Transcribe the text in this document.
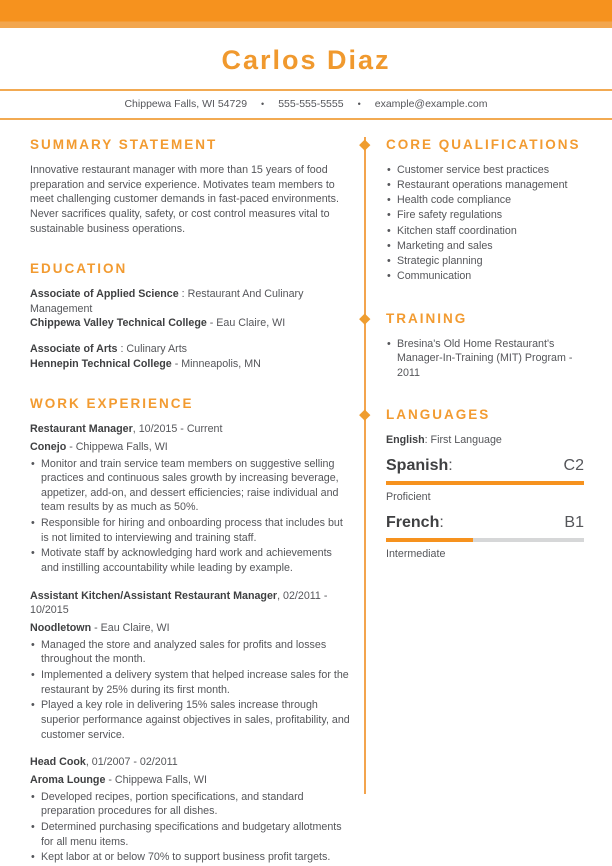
Carlos Diaz
Chippewa Falls, WI 54729 • 555-555-5555 • example@example.com
SUMMARY STATEMENT

Innovative restaurant manager with more than 15 years of food preparation and service experience. Motivates team members to meet challenging customer demands in fast-paced environments. Never sacrifices quality, safety, or cost control measures vital to sustainable business operations.

EDUCATION

Associate of Applied Science : Restaurant And Culinary Management

Chippewa Valley Technical College - Eau Claire, WI

Associate of Arts : Culinary Arts

Hennepin Technical College - Minneapolis, MN

WORK EXPERIENCE

Restaurant Manager, 10/2015 - Current

Conejo - Chippewa Falls, WI

• Monitor and train service team members on suggestive selling practices and continuous sales growth by increasing beverage, appetizer, add-on, and dessert efficiencies; raise individual and team results by as much as 50%.
• Responsible for hiring and onboarding process that includes but is not limited to interviewing and training staff.
• Motivate staff by acknowledging hard work and achievements and instilling accountability while leading by example.

Assistant Kitchen/Assistant Restaurant Manager, 02/2011 - 10/2015

Noodletown - Eau Claire, WI

• Managed the store and analyzed sales for profits and losses throughout the month.
• Implemented a delivery system that helped increase sales for the restaurant by 25% during its first month.
• Played a key role in delivering 15% sales increase through superior performance against objectives in sales, profitability, and customer service.

Head Cook, 01/2007 - 02/2011

Aroma Lounge - Chippewa Falls, WI

• Developed recipes, portion specifications, and standard preparation procedures for all dishes.
• Determined purchasing specifications and budgetary allotments for all menu items.
• Kept labor at or below 70% to support business profit targets.
CORE QUALIFICATIONS
• Customer service best practices
• Restaurant operations management
• Health code compliance
• Fire safety regulations
• Kitchen staff coordination
• Marketing and sales
• Strategic planning
• Communication
TRAINING
• Bresina's Old Home Restaurant's Manager-In-Training (MIT) Program - 2011
LANGUAGES

English: First Language

Spanish:	C2

Proficient

French:	B1

Intermediate
